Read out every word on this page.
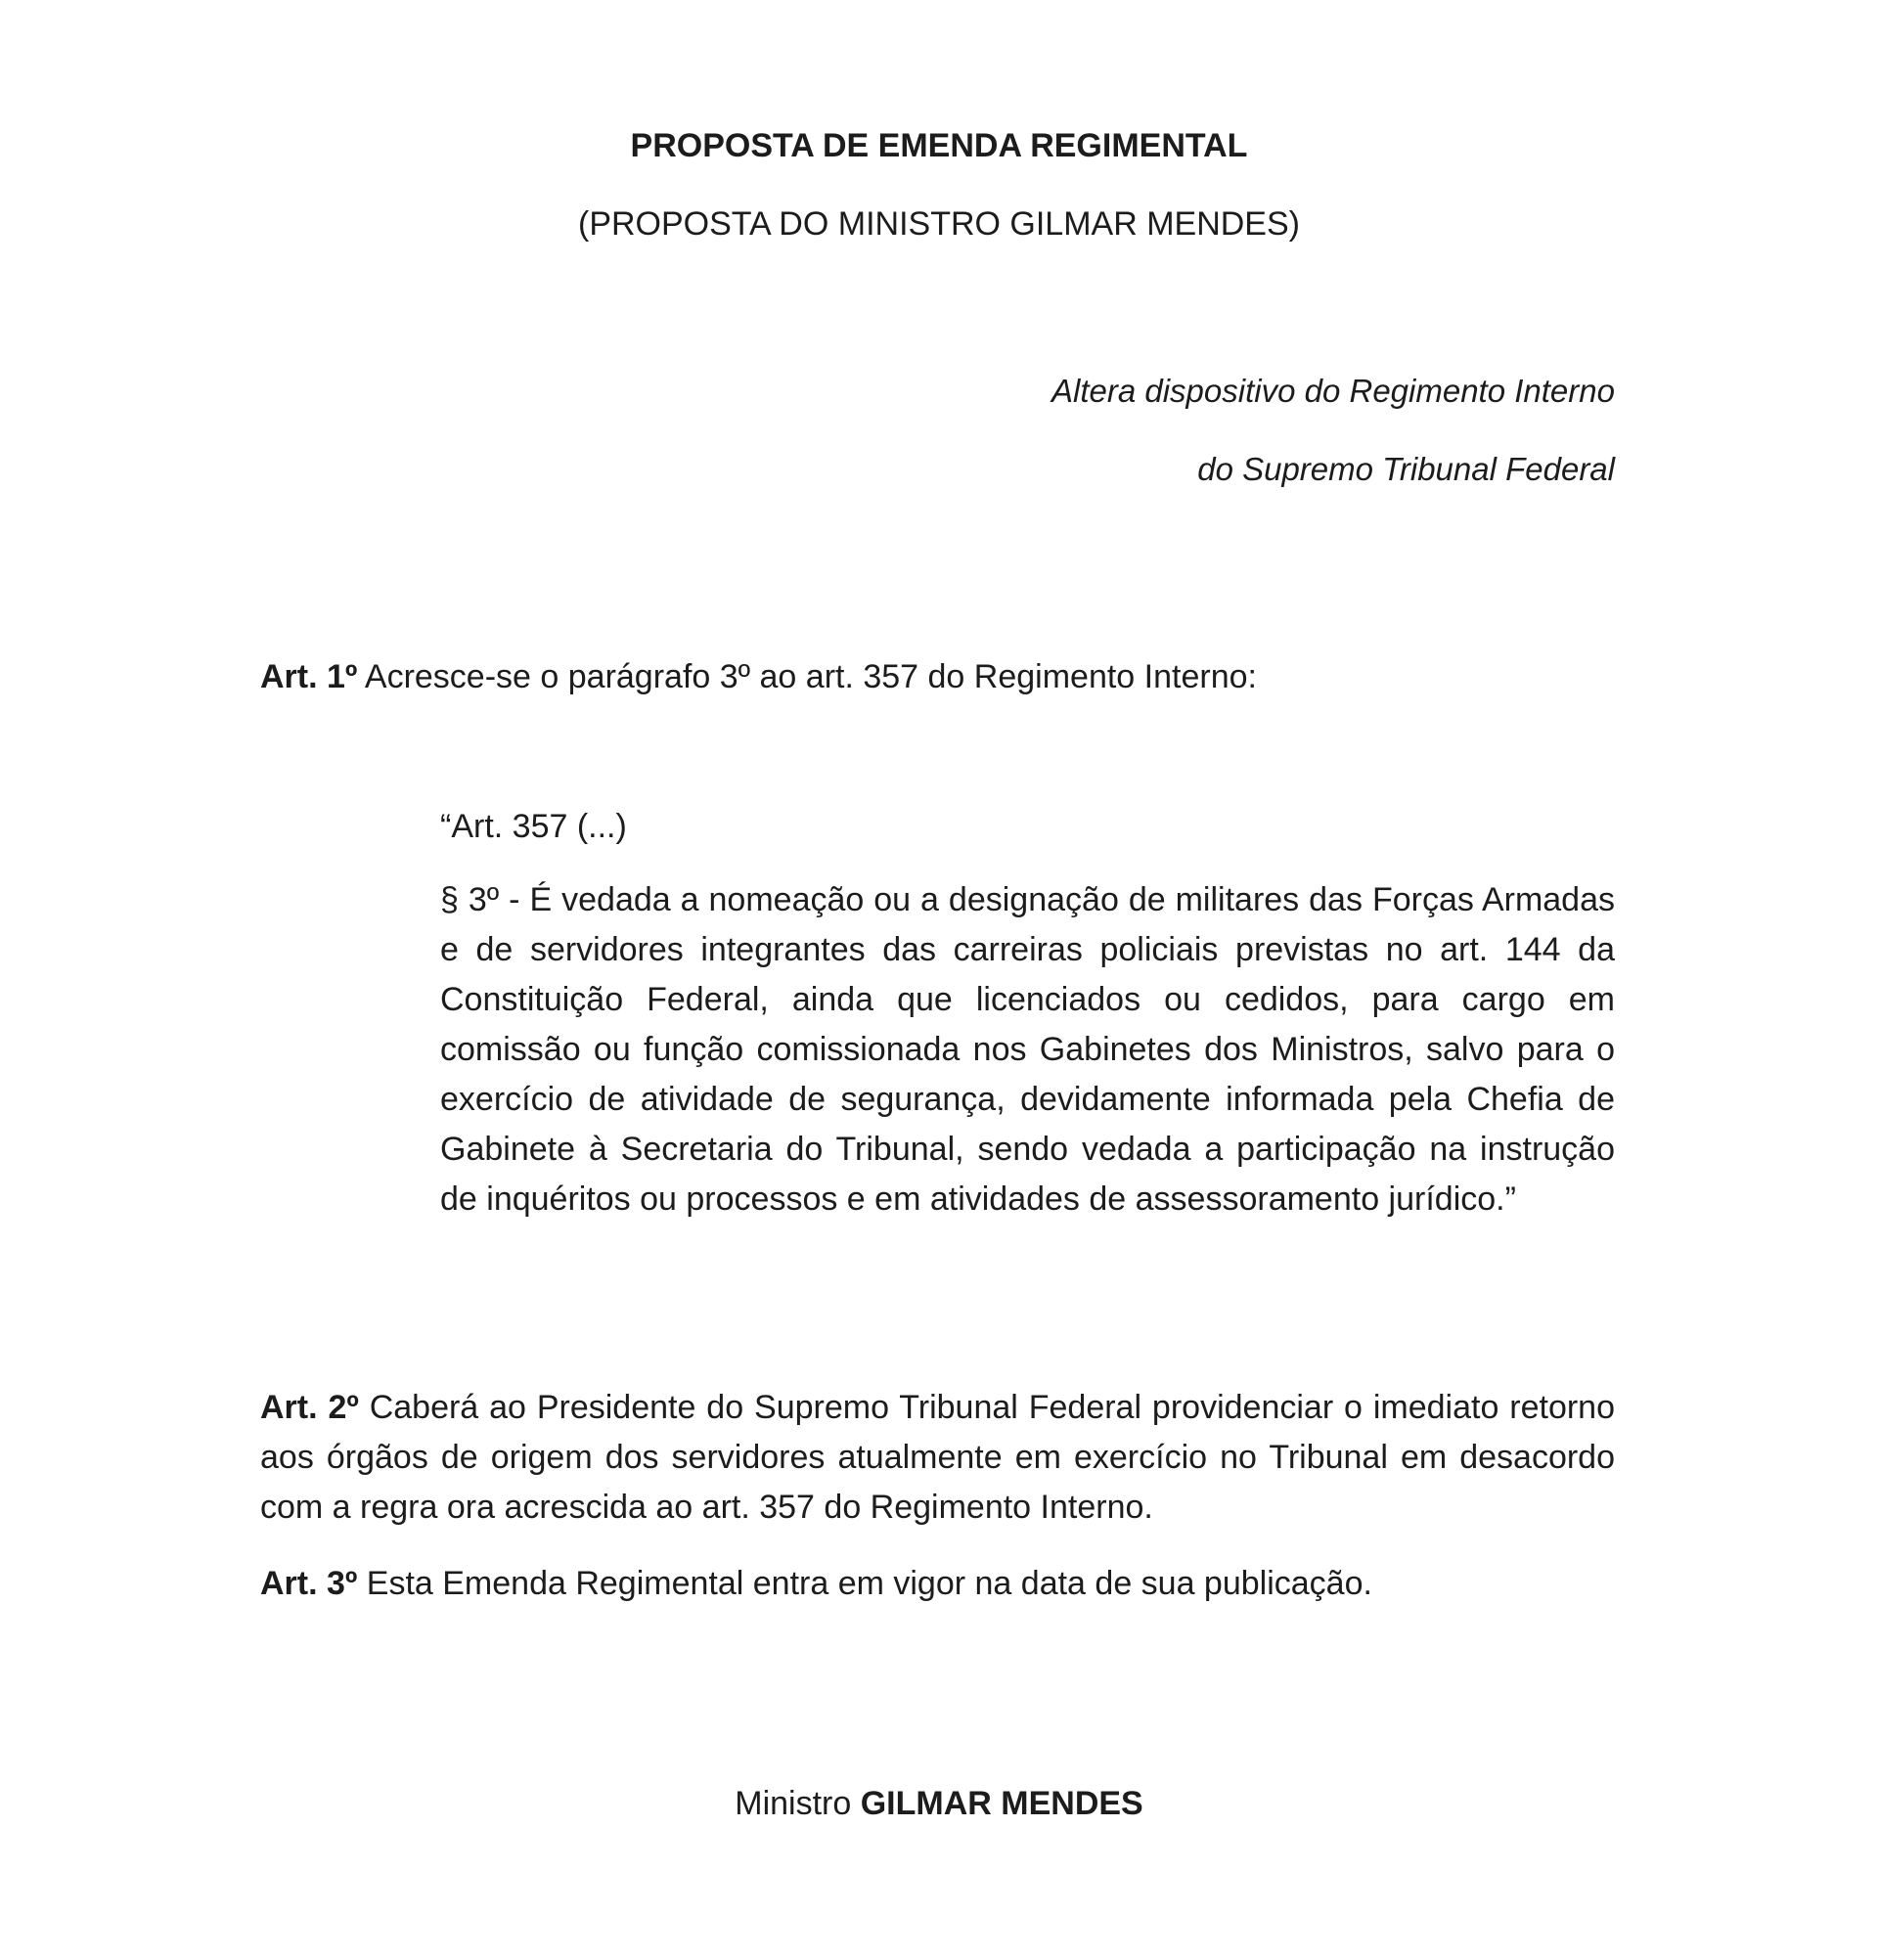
PROPOSTA DE EMENDA REGIMENTAL
(PROPOSTA DO MINISTRO GILMAR MENDES)
Altera dispositivo do Regimento Interno
do Supremo Tribunal Federal
Art. 1º Acresce-se o parágrafo 3º ao art. 357 do Regimento Interno:
“Art. 357 (...)
§ 3º - É vedada a nomeação ou a designação de militares das Forças Armadas e de servidores integrantes das carreiras policiais previstas no art. 144 da Constituição Federal, ainda que licenciados ou cedidos, para cargo em comissão ou função comissionada nos Gabinetes dos Ministros, salvo para o exercício de atividade de segurança, devidamente informada pela Chefia de Gabinete à Secretaria do Tribunal, sendo vedada a participação na instrução de inquéritos ou processos e em atividades de assessoramento jurídico.”
Art. 2º Caberá ao Presidente do Supremo Tribunal Federal providenciar o imediato retorno aos órgãos de origem dos servidores atualmente em exercício no Tribunal em desacordo com a regra ora acrescida ao art. 357 do Regimento Interno.
Art. 3º Esta Emenda Regimental entra em vigor na data de sua publicação.
Ministro GILMAR MENDES
